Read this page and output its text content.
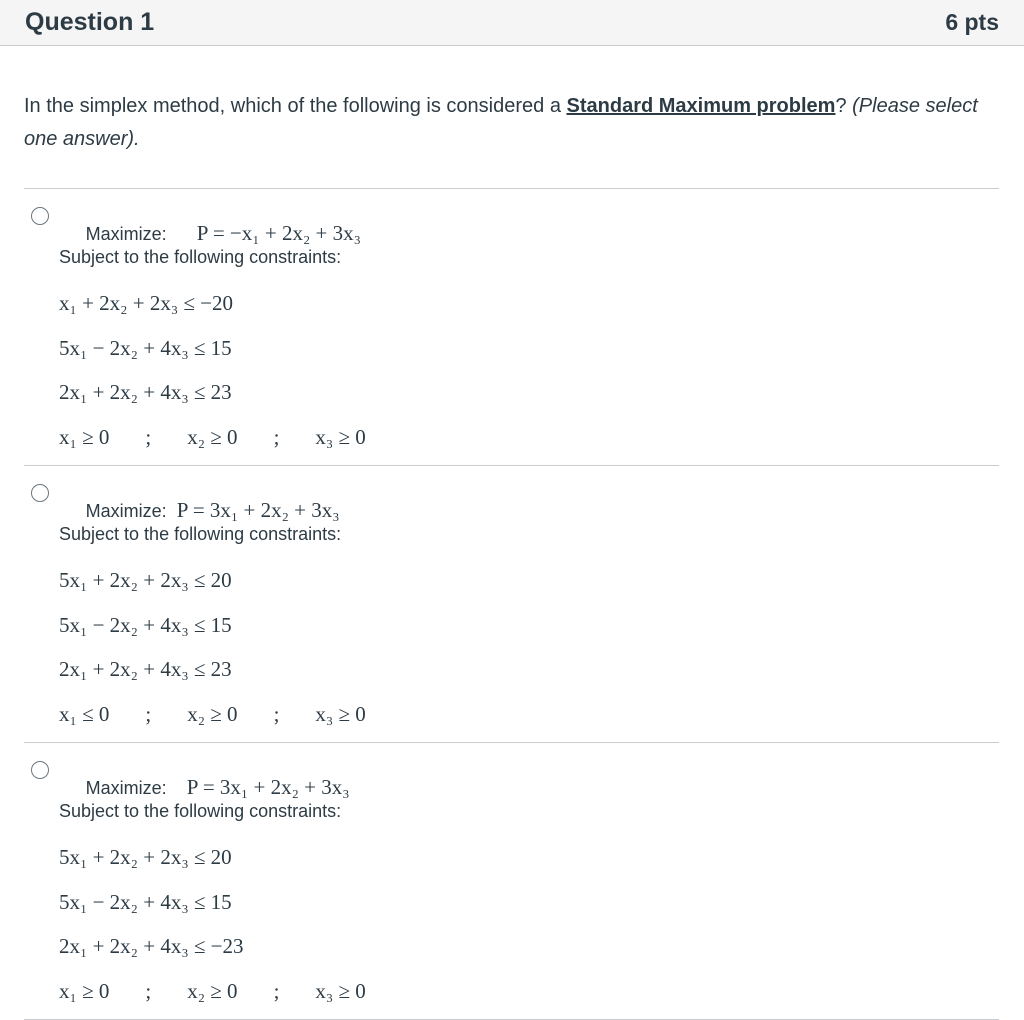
Question 1	6 pts
In the simplex method, which of the following is considered a Standard Maximum problem? (Please select one answer).

Maximize: P = −x₁ + 2x₂ + 3x₃

Subject to the following constraints:
x₁ + 2x₂ + 2x₃ ≤ −20
5x₁ − 2x₂ + 4x₃ ≤ 15
2x₁ + 2x₂ + 4x₃ ≤ 23
x₁ ≥ 0 ; x₂ ≥ 0 ; x₃ ≥ 0

Maximize: P = 3x₁ + 2x₂ + 3x₃

Subject to the following constraints:
5x₁ + 2x₂ + 2x₃ ≤ 20
5x₁ − 2x₂ + 4x₃ ≤ 15
2x₁ + 2x₂ + 4x₃ ≤ 23
x₁ ≤ 0 ; x₂ ≥ 0 ; x₃ ≥ 0

Maximize: P = 3x₁ + 2x₂ + 3x₃

Subject to the following constraints:
5x₁ + 2x₂ + 2x₃ ≤ 20
5x₁ − 2x₂ + 4x₃ ≤ 15
2x₁ + 2x₂ + 4x₃ ≤ −23
x₁ ≥ 0 ; x₂ ≥ 0 ; x₃ ≥ 0
